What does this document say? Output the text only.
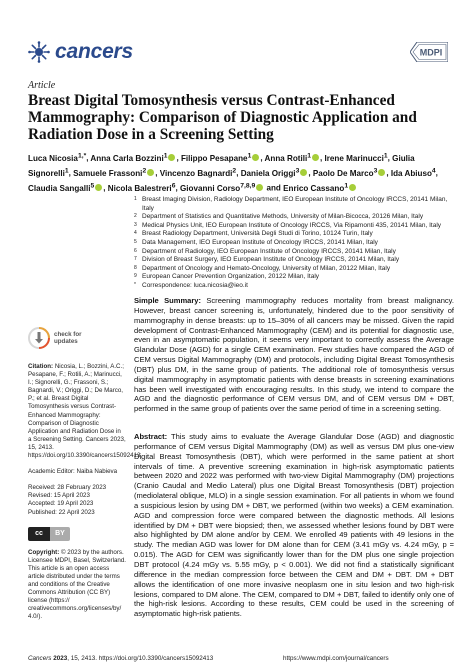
cancers	MDPI
Article
Breast Digital Tomosynthesis versus Contrast-Enhanced Mammography: Comparison of Diagnostic Application and Radiation Dose in a Screening Setting
Luca Nicosia$^{1,*}$, Anna Carla Bozzini$^1$ , Filippo Pesapane$^1$ , Anna Rotili$^1$ , Irene Marinucci$^1$, Giulia Signorelli$^1$, Samuele Frassoni$^2$ , Vincenzo Bagnardi$^2$, Daniela Origgi$^3$ , Paolo De Marco$^3$ , Ida Abiuso$^4$, Claudia Sangalli$^5$ , Nicola Balestreri$^6$, Giovanni Corso$^{7,8,9}$ and Enrico Cassano$^1$
1 Breast Imaging Division, Radiology Department, IEO European Institute of Oncology IRCCS, 20141 Milan, Italy
2 Department of Statistics and Quantitative Methods, University of Milan-Bicocca, 20126 Milan, Italy
3 Medical Physics Unit, IEO European Institute of Oncology IRCCS, Via Ripamonti 435, 20141 Milan, Italy
4 Breast Radiology Department, Università Degli Studi di Torino, 10124 Turin, Italy
5 Data Management, IEO European Institute of Oncology IRCCS, 20141 Milan, Italy
6 Department of Radiology, IEO European Institute of Oncology IRCCS, 20141 Milan, Italy
7 Division of Breast Surgery, IEO European Institute of Oncology IRCCS, 20141 Milan, Italy
8 Department of Oncology and Hemato-Oncology, University of Milan, 20122 Milan, Italy
9 European Cancer Prevention Organization, 20122 Milan, Italy
* Correspondence: luca.nicosia@ieo.it
Simple Summary: Screening mammography reduces mortality from breast malignancy. However, breast cancer screening is, unfortunately, hindered due to the poor sensitivity of mammography in dense breasts: up to 15–30% of all cancers may be missed. Given the rapid development of Contrast-Enhanced Mammography (CEM) and its potential for diagnostic use, even in an asymptomatic population, it seems very important to correctly assess the Average Glandular Dose (AGD) for a single CEM examination. Few studies have compared the AGD of CEM versus Digital Mammography (DM) and protocols, including Digital Breast Tomosynthesis (DBT) plus DM, in the same group of patients. The additional role of tomosynthesis versus digital mammography in asymptomatic patients with dense breasts in screening examinations has been well investigated with encouraging results. In this study, we intend to compare the AGD and the diagnostic performance of CEM versus DM, and of CEM versus DM + DBT, performed in the same group of patients over the same period of time in a screening setting.
Abstract: This study aims to evaluate the Average Glandular Dose (AGD) and diagnostic performance of CEM versus Digital Mammography (DM) as well as versus DM plus one-view Digital Breast Tomosynthesis (DBT), which were performed in the same patient at short intervals of time. A preventive screening examination in high-risk asymptomatic patients between 2020 and 2022 was performed with two-view Digital Mammography (DM) projections (Cranio Caudal and Medio Lateral) plus one Digital Breast Tomosynthesis (DBT) projection (mediolateral oblique, MLO) in a single session examination. For all patients in whom we found a suspicious lesion by using DM + DBT, we performed (within two weeks) a CEM examination. AGD and compression force were compared between the diagnostic methods. All lesions identified by DM + DBT were biopsied; then, we assessed whether lesions found by DBT were also highlighted by DM alone and/or by CEM. We enrolled 49 patients with 49 lesions in the study. The median AGD was lower for DM alone than for CEM (3.41 mGy vs. 4.24 mGy, p = 0.015). The AGD for CEM was significantly lower than for the DM plus one single projection DBT protocol (4.24 mGy vs. 5.55 mGy, p < 0.001). We did not find a statistically significant difference in the median compression force between the CEM and DM + DBT. DM + DBT allows the identification of one more invasive neoplasm one in situ lesion and two high-risk lesions, compared to DM alone. The CEM, compared to DM + DBT, failed to identify only one of the high-risk lesions. According to these results, CEM could be used in the screening of asymptomatic high-risk patients.
check for
updates
Citation: Nicosia, L.; Bozzini, A.C.; Pesapane, F.; Rotili, A.; Marinucci, I.; Signorelli, G.; Frassoni, S.; Bagnardi, V.; Origgi, D.; De Marco, P.; et al. Breast Digital Tomosynthesis versus Contrast-Enhanced Mammography: Comparison of Diagnostic Application and Radiation Dose in a Screening Setting. Cancers 2023, 15, 2413. https://doi.org/10.3390/cancers15092413
Academic Editor: Naiba Nabieva
Received: 28 February 2023
Revised: 15 April 2023
Accepted: 19 April 2023
Published: 22 April 2023
cc	BY
Copyright: © 2023 by the authors. Licensee MDPI, Basel, Switzerland. This article is an open access article distributed under the terms and conditions of the Creative Commons Attribution (CC BY) license (https:// creativecommons.org/licenses/by/ 4.0/).
Cancers 2023, 15, 2413. https://doi.org/10.3390/cancers15092413	https://www.mdpi.com/journal/cancers
